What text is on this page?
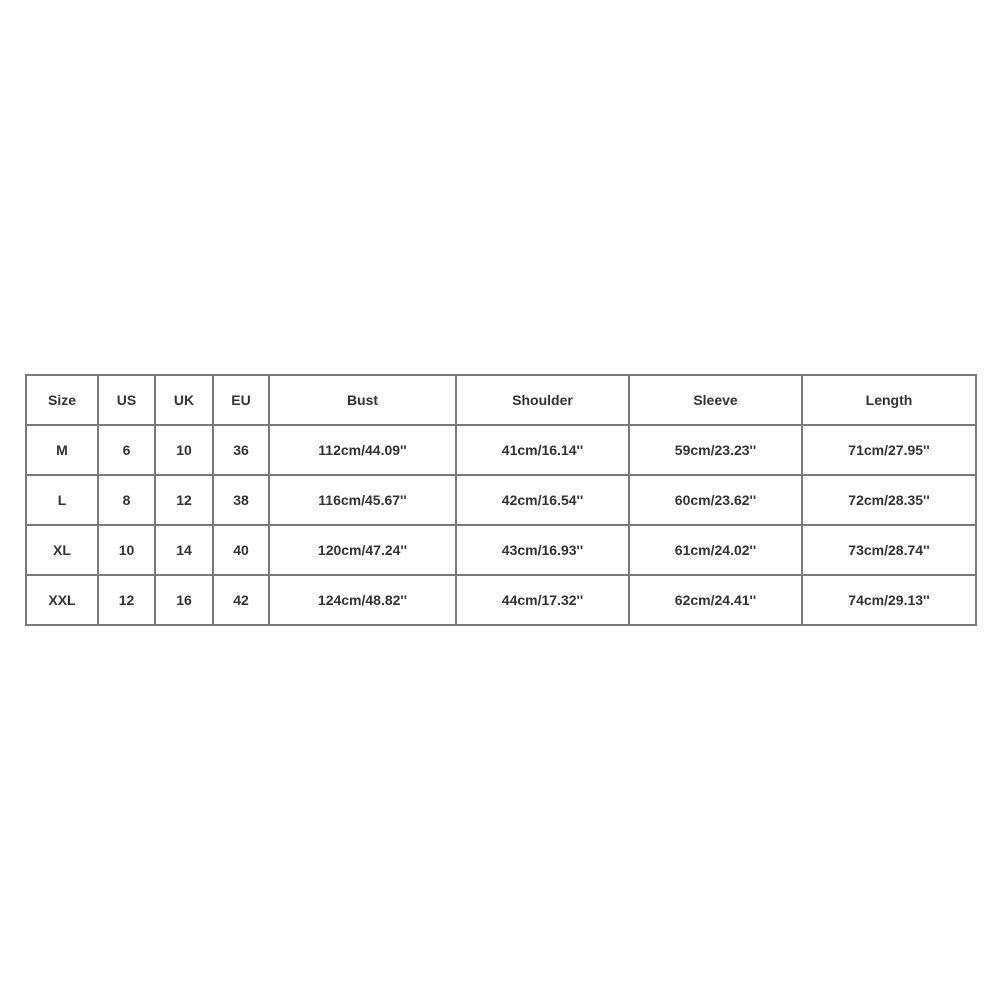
Size	US	UK	EU	Bust	Shoulder	Sleeve	Length
M	6	10	36	112cm/44.09''	41cm/16.14''	59cm/23.23''	71cm/27.95''
L	8	12	38	116cm/45.67''	42cm/16.54''	60cm/23.62''	72cm/28.35''
XL	10	14	40	120cm/47.24''	43cm/16.93''	61cm/24.02''	73cm/28.74''
XXL	12	16	42	124cm/48.82''	44cm/17.32''	62cm/24.41''	74cm/29.13''
